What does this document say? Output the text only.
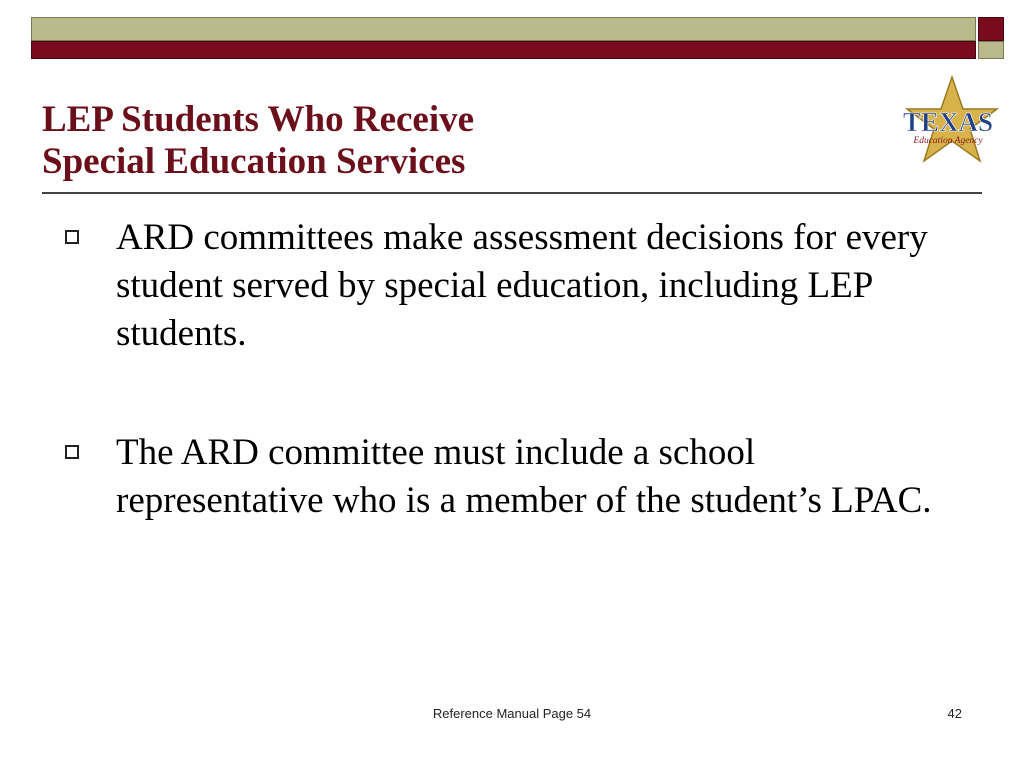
LEP Students Who Receive
Special Education Services
TEXAS
Education Agency
ARD committees make assessment decisions for every student served by special education, including LEP students.
The ARD committee must include a school representative who is a member of the student’s LPAC.
Reference Manual Page 54	42
